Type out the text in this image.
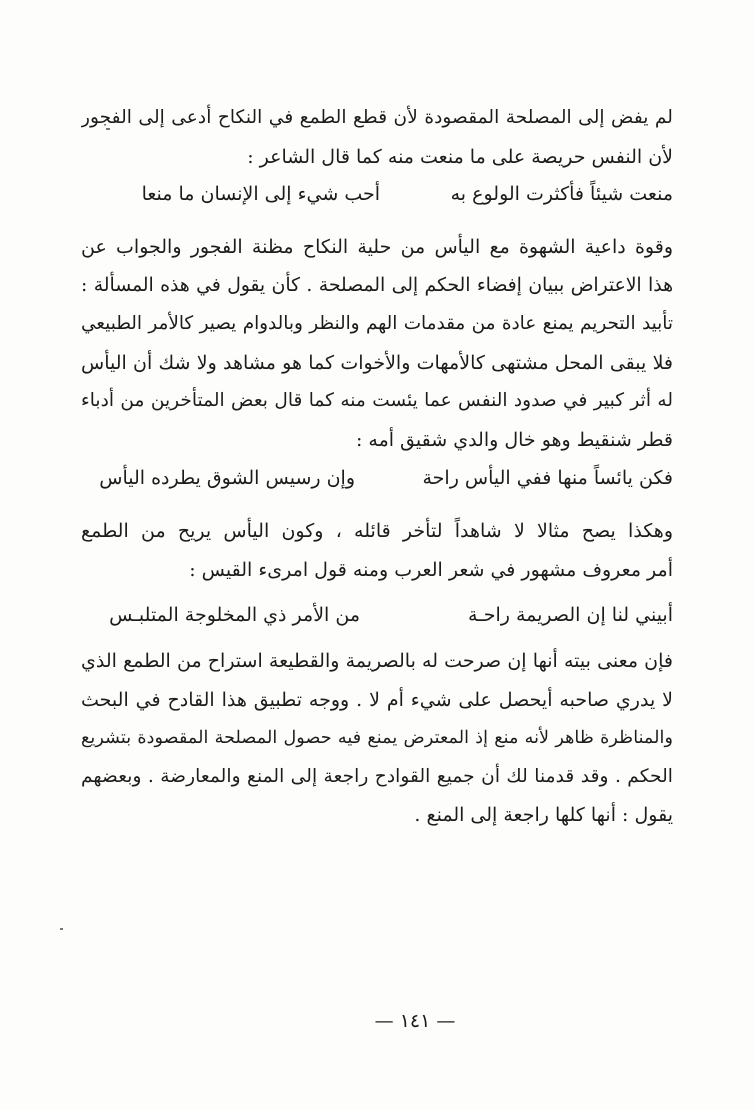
لم يفض إلى المصلحة المقصودة لأن قطع الطمع في النكاح أدعى إلى الفجور
لأن النفس حريصة على ما منعت منه كما قال الشاعر :
منعت شيئاً فأكثرت الولوع به
أحب شيء إلى الإنسان ما منعا
وقوة داعية الشهوة مع اليأس من حلية النكاح مظنة الفجور والجواب عن
هذا الاعتراض ببيان إفضاء الحكم إلى المصلحة . كأن يقول في هذه المسألة :
تأبيد التحريم يمنع عادة من مقدمات الهم والنظر وبالدوام يصير كالأمر الطبيعي
فلا يبقى المحل مشتهى كالأمهات والأخوات كما هو مشاهد ولا شك أن اليأس
له أثر كبير في صدود النفس عما يئست منه كما قال بعض المتأخرين من أدباء
قطر شنقيط وهو خال والدي شقيق أمه :
فكن يائساً منها ففي اليأس راحة
وإن رسيس الشوق يطرده اليأس
وهكذا يصح مثالا لا شاهداً لتأخر قائله ، وكون اليأس يريح من الطمع
أمر معروف مشهور في شعر العرب ومنه قول امرىء القيس :
أبيني لنا إن الصريمة راحـة
من الأمر ذي المخلوجة المتلبـس
فإن معنى بيته أنها إن صرحت له بالصريمة والقطيعة استراح من الطمع الذي
لا يدري صاحبه أيحصل على شيء أم لا . ووجه تطبيق هذا القادح في البحث
والمناظرة ظاهر لأنه منع إذ المعترض يمنع فيه حصول المصلحة المقصودة بتشريع
الحكم . وقد قدمنا لك أن جميع القوادح راجعة إلى المنع والمعارضة . وبعضهم
يقول : أنها كلها راجعة إلى المنع .
— ١٤١ —
